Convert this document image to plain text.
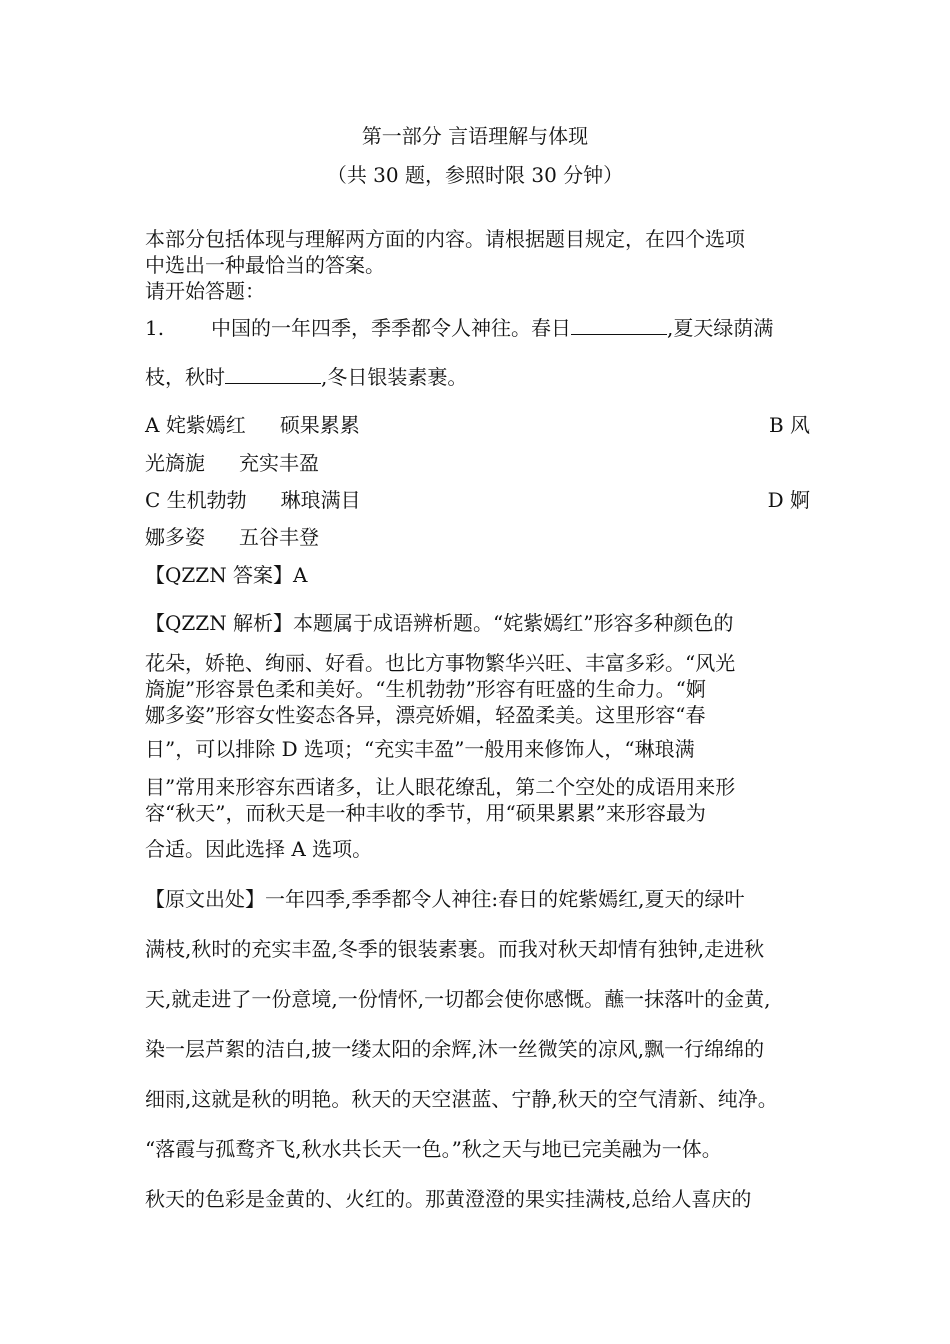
第一部分 言语理解与体现
（共 30 题，参照时限 30 分钟）
本部分包括体现与理解两方面的内容。请根据题目规定，在四个选项
中选出一种最恰当的答案。
请开始答题：
1. 中国的一年四季，季季都令人神往。春日	,夏天绿荫满
枝，秋时	,冬日银装素裹。
A 姹紫嫣红 硕果累累	B 风
光旖旎 充实丰盈
C 生机勃勃 琳琅满目	D 婀
娜多姿 五谷丰登
【QZZN 答案】A
【QZZN 解析】本题属于成语辨析题。“姹紫嫣红”形容多种颜色的
花朵，娇艳、绚丽、好看。也比方事物繁华兴旺、丰富多彩。“风光
旖旎”形容景色柔和美好。“生机勃勃”形容有旺盛的生命力。“婀
娜多姿”形容女性姿态各异，漂亮娇媚，轻盈柔美。这里形容“春
日”，可以排除 D 选项；“充实丰盈”一般用来修饰人，“琳琅满
目”常用来形容东西诸多，让人眼花缭乱，第二个空处的成语用来形
容“秋天”，而秋天是一种丰收的季节，用“硕果累累”来形容最为
合适。因此选择 A 选项。
【原文出处】一年四季,季季都令人神往:春日的姹紫嫣红,夏天的绿叶
满枝,秋时的充实丰盈,冬季的银装素裹。而我对秋天却情有独钟,走进秋
天,就走进了一份意境,一份情怀,一切都会使你感慨。蘸一抹落叶的金黄,
染一层芦絮的洁白,披一缕太阳的余辉,沐一丝微笑的凉风,飘一行绵绵的
细雨,这就是秋的明艳。秋天的天空湛蓝、宁静,秋天的空气清新、纯净。
“落霞与孤鹜齐飞,秋水共长天一色。”秋之天与地已完美融为一体。
秋天的色彩是金黄的、火红的。那黄澄澄的果实挂满枝,总给人喜庆的
